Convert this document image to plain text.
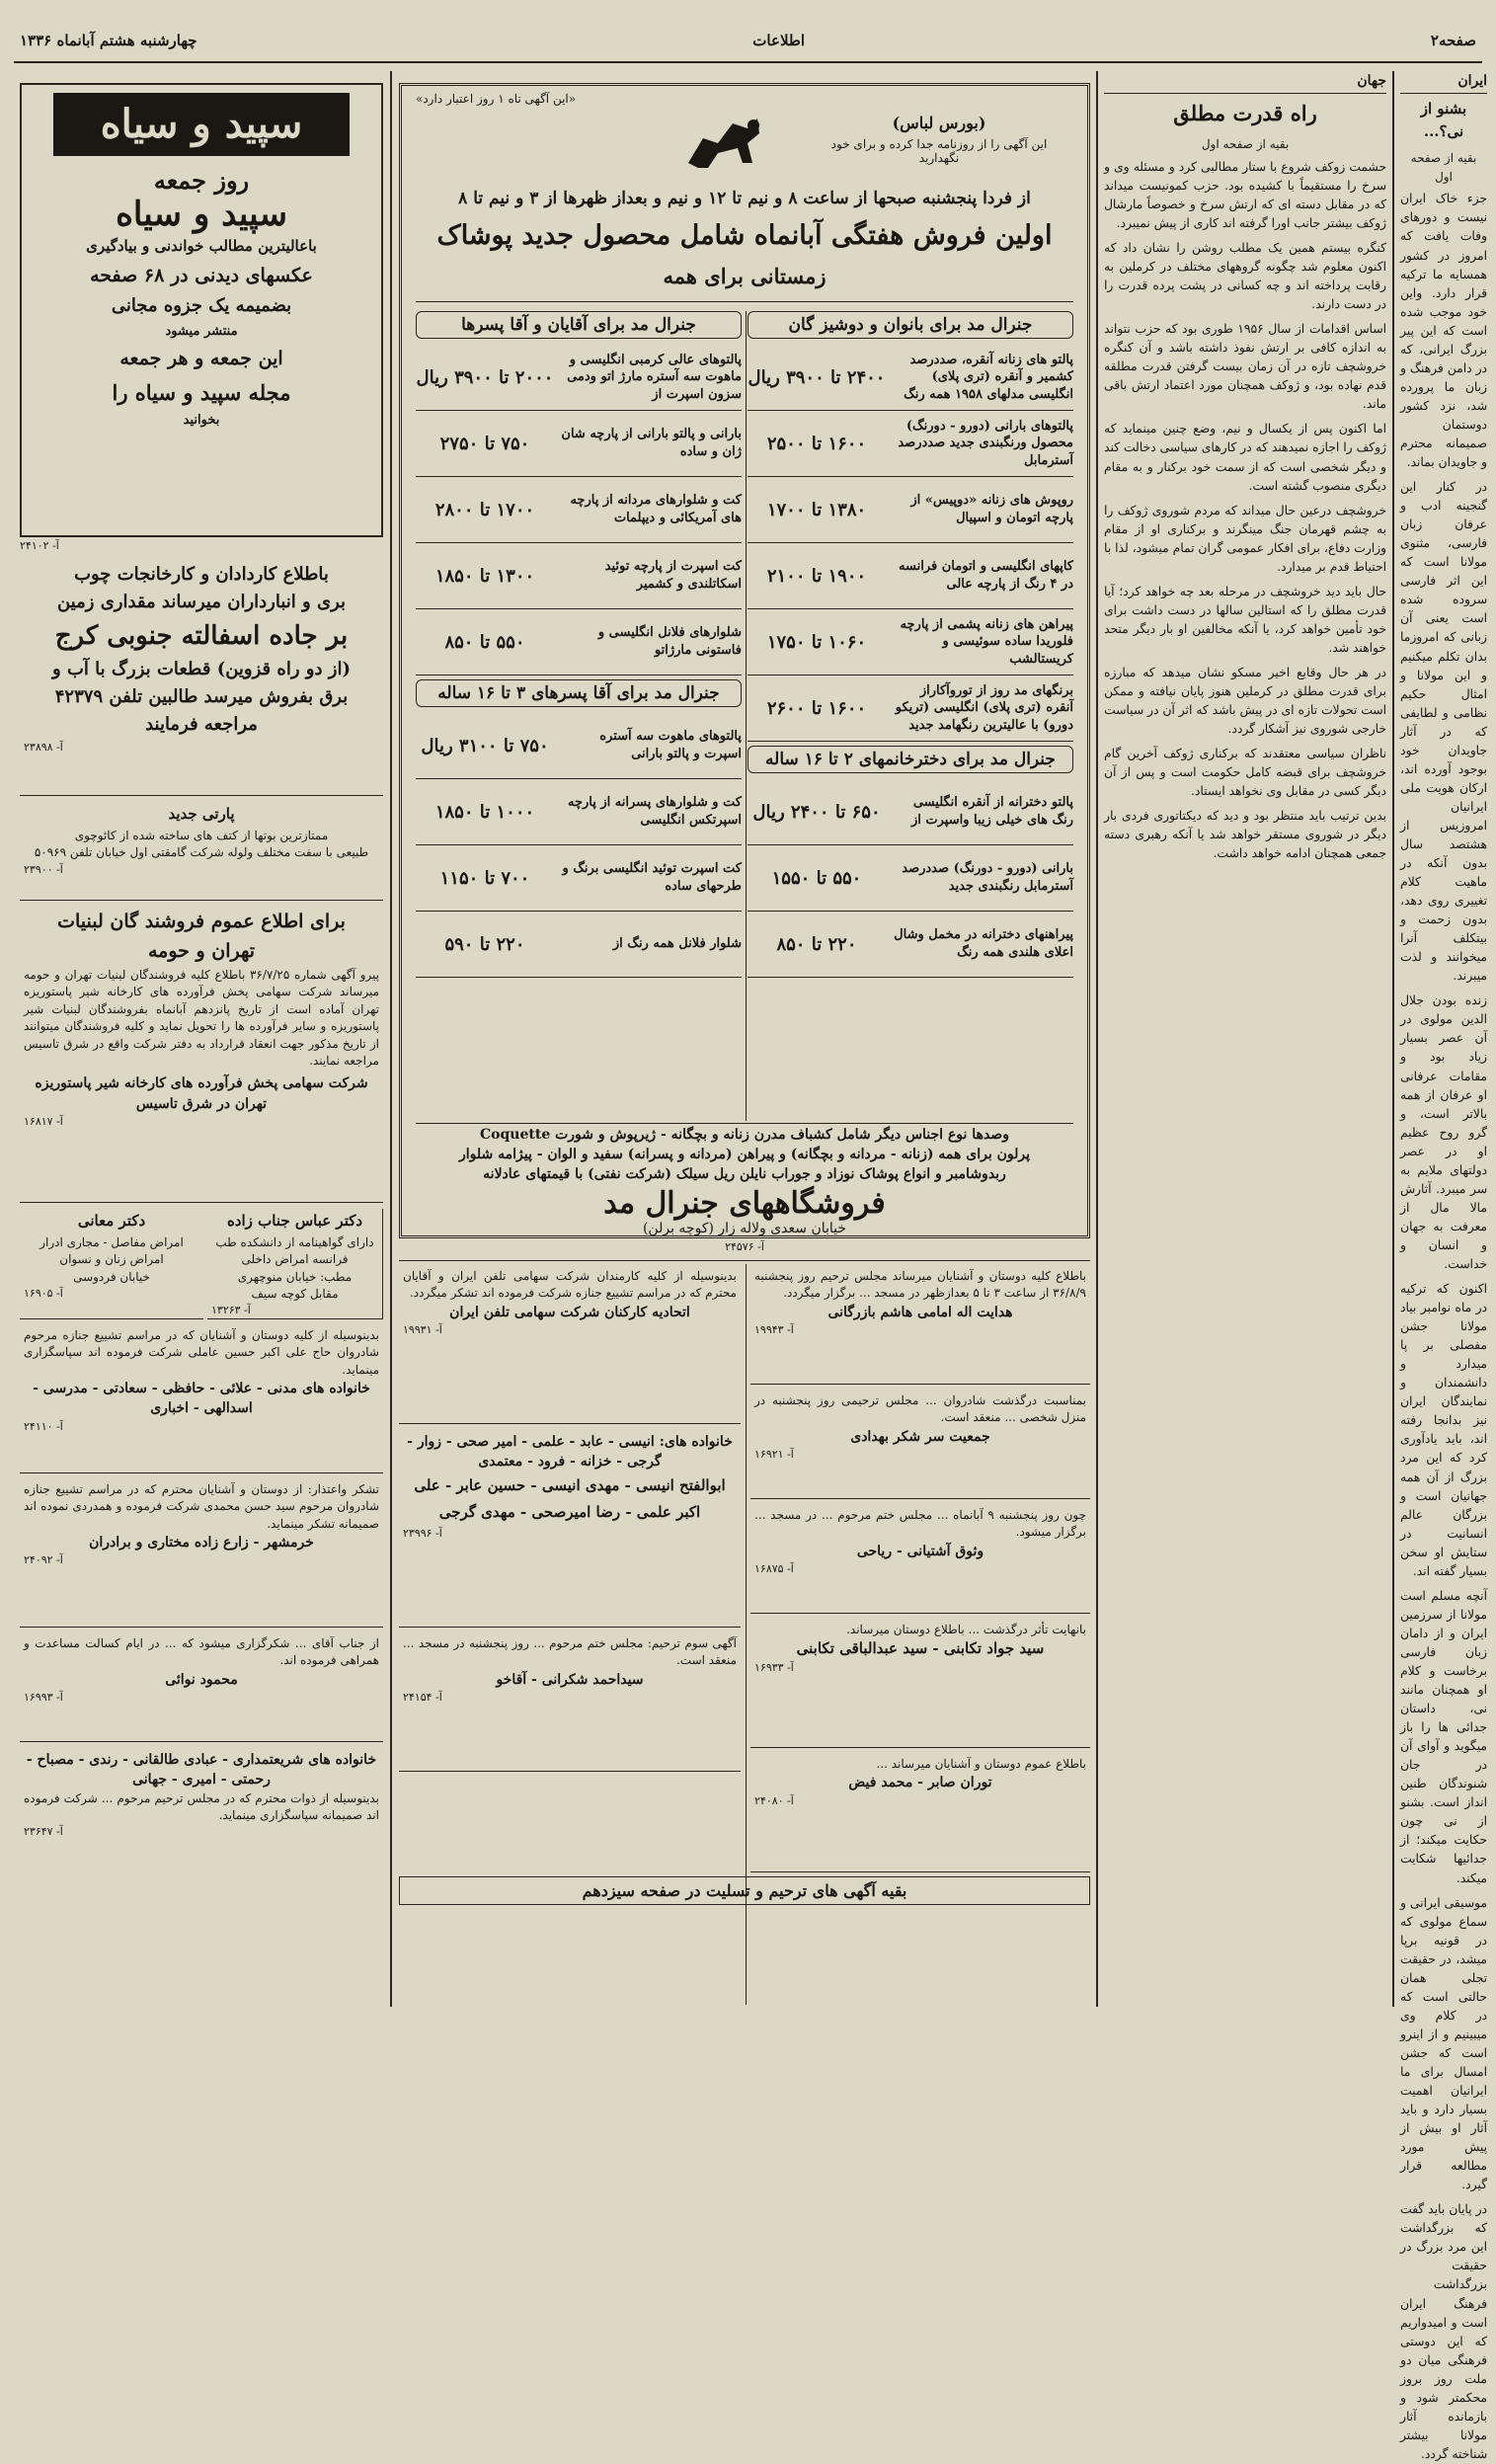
صفحه۲
اطلاعات
چهارشنبه هشتم آبانماه ۱۳۳۶
ایران
بشنو از نی؟...
بقیه از صفحه اول

جزء خاک ایران نیست و دورهای وفات یافت که امروز در کشور همسایه ما ترکیه قرار دارد. واین خود موجب شده است که این پیر بزرگ ایرانی، که در دامن فرهنگ و زبان ما پرورده شد، نزد کشور دوستمان صمیمانه محترم و جاویدان بماند.

در کنار این گنجینه ادب و عرفان زبان فارسی، مثنوی مولانا است که این اثر فارسی سروده شده است یعنی آن زبانی که امروزما بدان تکلم میکنیم و این مولانا و امثال حکیم نظامی و لطایفی که در آثار جاویدان خود بوجود آورده اند، ارکان هویت ملی ایرانیان امروزیس از هشتصد سال بدون آنکه در ماهیت کلام تغییری روی دهد، بدون زحمت و بیتکلف آنرا میخوانند و لذت میبرند.

زنده بودن جلال الدین مولوی در آن عصر بسیار زیاد بود و مقامات عرفانی او عرفان از همه بالاتر است، و گرو روح عظیم او در عصر دولتهای ملایم به سر میبرد. آثارش مالا مال از معرفت به جهان و انسان و خداست.

اکنون که ترکیه در ماه نوامبر بیاد مولانا جشن مفصلی بر پا میدارد و دانشمندان و نمایندگان ایران نیز بدانجا رفته اند، باید یادآوری کرد که این مرد بزرگ از آن همه جهانیان است و بزرگان عالم انسانیت در ستایش او سخن بسیار گفته اند.

آنچه مسلم است مولانا از سرزمین ایران و از دامان زبان فارسی برخاست و کلام او همچنان مانند نی، داستان جدائی ها را باز میگوید و آوای آن در جان شنوندگان طنین انداز است. بشنو از نی چون حکایت میکند؛ از جدائیها شکایت میکند.

موسیقی ایرانی و سماع مولوی که در قونیه برپا میشد، در حقیقت تجلی همان حالتی است که در کلام وی میبینیم و از اینرو است که جشن امسال برای ما ایرانیان اهمیت بسیار دارد و باید آثار او بیش از پیش مورد مطالعه قرار گیرد.

در پایان باید گفت که بزرگداشت این مرد بزرگ در حقیقت بزرگداشت فرهنگ ایران است و امیدواریم که این دوستی فرهنگی میان دو ملت روز بروز محکمتر شود و بازمانده آثار مولانا بیشتر شناخته گردد.

جهان
راه قدرت مطلق
بقیه از صفحه اول

حشمت زوکف شروع با ستار مطالبی کرد و مسئله وی و سرخ را مستقیماً با کشیده بود. حزب کمونیست میداند که در مقابل دسته ای که ارتش سرخ و خصوصاً مارشال ژوکف بیشتر جانب اورا گرفته اند کاری از پیش نمیبرد.

کنگره بیستم همین یک مطلب روشن را نشان داد که اکنون معلوم شد چگونه گروههای مختلف در کرملین به رقابت پرداخته اند و چه کسانی در پشت پرده قدرت را در دست دارند.

اساس اقدامات از سال ۱۹۵۶ طوری بود که حزب نتواند به اندازه کافی بر ارتش نفوذ داشته باشد و آن کنگره خروشچف تازه در آن زمان بیست گرفتن قدرت مطلقه قدم نهاده بود، و ژوکف همچنان مورد اعتماد ارتش باقی ماند.

اما اکنون پس از یکسال و نیم، وضع چنین مینماید که ژوکف را اجازه نمیدهند که در کارهای سیاسی دخالت کند و دیگر شخصی است که از سمت خود برکنار و به مقام دیگری منصوب گشته است.

خروشچف درعین حال میداند که مردم شوروی ژوکف را به چشم قهرمان جنگ مینگرند و برکناری او از مقام وزارت دفاع، برای افکار عمومی گران تمام میشود، لذا با احتیاط قدم بر میدارد.

حال باید دید خروشچف در مرحله بعد چه خواهد کرد؛ آیا قدرت مطلق را که استالین سالها در دست داشت برای خود تأمین خواهد کرد، یا آنکه مخالفین او بار دیگر متحد خواهند شد.

در هر حال وقایع اخیر مسکو نشان میدهد که مبارزه برای قدرت مطلق در کرملین هنوز پایان نیافته و ممکن است تحولات تازه ای در پیش باشد که اثر آن در سیاست خارجی شوروی نیز آشکار گردد.

ناظران سیاسی معتقدند که برکناری ژوکف آخرین گام خروشچف برای قبضه کامل حکومت است و پس از آن دیگر کسی در مقابل وی نخواهد ایستاد.

بدین ترتیب باید منتظر بود و دید که دیکتاتوری فردی بار دیگر در شوروی مستقر خواهد شد یا آنکه رهبری دسته جمعی همچنان ادامه خواهد داشت.

«این آگهی تاه ۱ روز اعتبار دارد»
(بورس لباس)
این آگهی را از روزنامه جدا کرده و برای خود نگهدارید
از فردا پنجشنبه صبحها از ساعت ۸ و نیم تا ۱۲ و نیم و بعداز ظهرها از ۳ و نیم تا ۸
اولین فروش هفتگی آبانماه شامل محصول جدید پوشاک
زمستانی برای همه
جنرال مد برای بانوان و دوشیز گان
پالتو های زنانه آنقره، صددرصد کشمیر و آنقره (تری پلای) انگلیسی مدلهای ۱۹۵۸ همه رنگ
۲۴۰۰ تا ۳۹۰۰ ریال
پالتوهای بارانی (دورو - دورنگ) محصول ورنگبندی جدید صددرصد آسترمابل
۱۶۰۰ تا ۲۵۰۰
روپوش های زنانه «دوپیس» از پارچه اتومان و اسپیال
۱۳۸۰ تا ۱۷۰۰
کاپهای انگلیسی و اتومان فرانسه در ۴ رنگ از پارچه عالی
۱۹۰۰ تا ۲۱۰۰
پیراهن های زنانه پشمی از پارچه فلوریدا ساده سوئیسی و کریستالشب
۱۰۶۰ تا ۱۷۵۰
برنگهای مد روز از توروآکاراز آنقره (تری پلای) انگلیسی (تریکو دورو) با عالیترین رنگهامد جدید
۱۶۰۰ تا ۲۶۰۰
جنرال مد برای دخترخانمهای ۲ تا ۱۶ ساله
پالتو دخترانه از آنقره انگلیسی رنگ های خیلی زیبا واسپرت از
۶۵۰ تا ۲۴۰۰ ریال
بارانی (دورو - دورنگ) صددرصد آسترمابل رنگبندی جدید
۵۵۰ تا ۱۵۵۰
پیراهنهای دخترانه در مخمل وشال اعلای هلندی همه رنگ
۲۲۰ تا ۸۵۰
جنرال مد برای آقایان و آقا پسرها
پالتوهای عالی کرمبی انگلیسی و ماهوت سه آستره مارژ اتو ودمی سزون اسپرت از
۲۰۰۰ تا ۳۹۰۰ ریال
بارانی و پالتو بارانی از پارچه شان ژان و ساده
۷۵۰ تا ۲۷۵۰
کت و شلوارهای مردانه از پارچه های آمریکائی و دیپلمات
۱۷۰۰ تا ۲۸۰۰
کت اسپرت از پارچه توئید اسکاتلندی و کشمیر
۱۳۰۰ تا ۱۸۵۰
شلوارهای فلانل انگلیسی و فاستونی مارژاتو
۵۵۰ تا ۸۵۰
جنرال مد برای آقا پسرهای ۳ تا ۱۶ ساله
پالتوهای ماهوت سه آستره اسپرت و پالتو بارانی
۷۵۰ تا ۳۱۰۰ ریال
کت و شلوارهای پسرانه از پارچه اسپرتکس انگلیسی
۱۰۰۰ تا ۱۸۵۰
کت اسپرت توئید انگلیسی برنگ و طرحهای ساده
۷۰۰ تا ۱۱۵۰
شلوار فلانل همه رنگ از
۲۲۰ تا ۵۹۰
وصدها نوع اجناس دیگر شامل کشباف مدرن زنانه و بچگانه - ژیرپوش و شورت Coquette
پرلون برای همه (زنانه - مردانه و بچگانه) و پیراهن (مردانه و پسرانه) سفید و الوان - پیژامه شلوار
ربدوشامبر و انواع پوشاک نوزاد و جوراب نایلن ریل سیلک (شرکت نفتی) با قیمتهای عادلانه
فروشگاههای جنرال مد
خیابان سعدی ولاله زار (کوچه برلن)
آ- ۲۴۵۷۶
سپید و سیاه
روز جمعه
سپید و سیاه
باعالیترین مطالب خواندنی و بیادگیری
عکسهای دیدنی در ۶۸ صفحه
بضمیمه یک جزوه مجانی
منتشر میشود
این جمعه و هر جمعه
مجله سپید و سیاه را
بخوانید
آ- ۲۴۱۰۲
باطلاع کاردادان و کارخانجات چوب
بری و انبارداران میرساند مقداری زمین
بر جاده اسفالته جنوبی کرج
(از دو راه قزوین) قطعات بزرگ با آب و
برق بفروش میرسد طالبین تلفن ۴۲۳۷۹
مراجعه فرمایند
آ- ۲۳۸۹۸
پارتی جدید
ممتازترین بوتها از کتف های ساخته شده از کائوچوی
طبیعی با سفت مختلف ولوله شرکت گامقتی اول خیابان تلفن ۵۰۹۶۹
آ- ۲۳۹۰۰
برای اطلاع عموم فروشند گان لبنیات
تهران و حومه
پیرو آگهی شماره ۳۶/۷/۲۵ باطلاع کلیه فروشندگان لبنیات تهران و حومه میرساند شرکت سهامی پخش فرآورده های کارخانه شیر پاستوریزه تهران آماده است از تاریخ پانزدهم آبانماه بفروشندگان لبنیات شیر پاستوریزه و سایر فرآورده ها را تحویل نماید و کلیه فروشندگان میتوانند از تاریخ مذکور جهت انعقاد قرارداد به دفتر شرکت واقع در شرق تاسیس مراجعه نمایند.
شرکت سهامی پخش فرآورده های کارخانه شیر پاستوریزه تهران در شرق تاسیس
آ- ۱۶۸۱۷
دکتر عباس جناب زاده
دارای گواهینامه از دانشکده طب فرانسه امراض داخلی
مطب: خیابان منوچهری
مقابل کوچه سیف
آ- ۱۳۲۶۳
دکتر معانی
امراض مفاصل - مجاری ادرار
امراض زنان و نسوان
خیابان فردوسی
آ- ۱۶۹۰۵
بدینوسیله از کلیه دوستان و آشنایان که در مراسم تشییع جنازه مرحوم شادروان حاج علی اکبر حسین عاملی شرکت فرموده اند سپاسگزاری مینماید.
خانواده های مدنی - علائی - حافظی - سعادتی - مدرسی - اسدالهی - اخباری
آ- ۲۴۱۱۰
تشکر واعتذار: از دوستان و آشنایان محترم که در مراسم تشییع جنازه شادروان مرحوم سید حسن محمدی شرکت فرموده و همدردی نموده اند صمیمانه تشکر مینماید.
خرمشهر - زارع زاده مختاری و برادران
آ- ۲۴۰۹۲
از جناب آقای ... شکرگزاری میشود که ... در ایام کسالت مساعدت و همراهی فرموده اند.
محمود نوائی
آ- ۱۶۹۹۳
خانواده های شریعتمداری - عبادی طالقانی - رندی - مصباح - رحمتی - امیری - جهانی
بدینوسیله از ذوات محترم که در مجلس ترحیم مرحوم ... شرکت فرموده اند صمیمانه سپاسگزاری مینماید.
آ- ۲۳۶۴۷
بدینوسیله از کلیه کارمندان شرکت سهامی تلفن ایران و آقایان محترم که در مراسم تشییع جنازه شرکت فرموده اند تشکر میگردد.
اتحادیه کارکنان شرکت سهامی تلفن ایران
آ- ۱۹۹۳۱
خانواده های: انیسی - عابد - علمی - امیر صحی - زوار - گرجی - خزانه - فرود - معتمدی
ابوالفتح انیسی - مهدی انیسی - حسین عابر - علی اکبر علمی - رضا امیرصحی - مهدی گرجی
آ- ۲۳۹۹۶
آگهی سوم ترحیم: مجلس ختم مرحوم ... روز پنجشنبه در مسجد ... منعقد است.
سیداحمد شکرانی - آقاخو
آ- ۲۴۱۵۴
باطلاع کلیه دوستان و آشنایان میرساند مجلس ترحیم روز پنجشنبه ۳۶/۸/۹ از ساعت ۳ تا ۵ بعدازظهر در مسجد ... برگزار میگردد.
هدایت اله امامی هاشم بازرگانی
آ- ۱۹۹۴۳
بمناسبت درگذشت شادروان ... مجلس ترحیمی روز پنجشنبه در منزل شخصی ... منعقد است.
جمعیت سر شکر بهدادی
آ- ۱۶۹۲۱
چون روز پنجشنبه ۹ آبانماه ... مجلس ختم مرحوم ... در مسجد ... برگزار میشود.
وثوق آشتیانی - ریاحی
آ- ۱۶۸۷۵
بانهایت تأثر درگذشت ... باطلاع دوستان میرساند.
سید جواد تکابنی - سید عبدالباقی تکابنی
آ- ۱۶۹۳۳
باطلاع عموم دوستان و آشنایان میرساند ...
توران صابر - محمد فیض
آ- ۲۴۰۸۰
بقیه آگهی های ترحیم و تسلیت در صفحه سیزدهم
